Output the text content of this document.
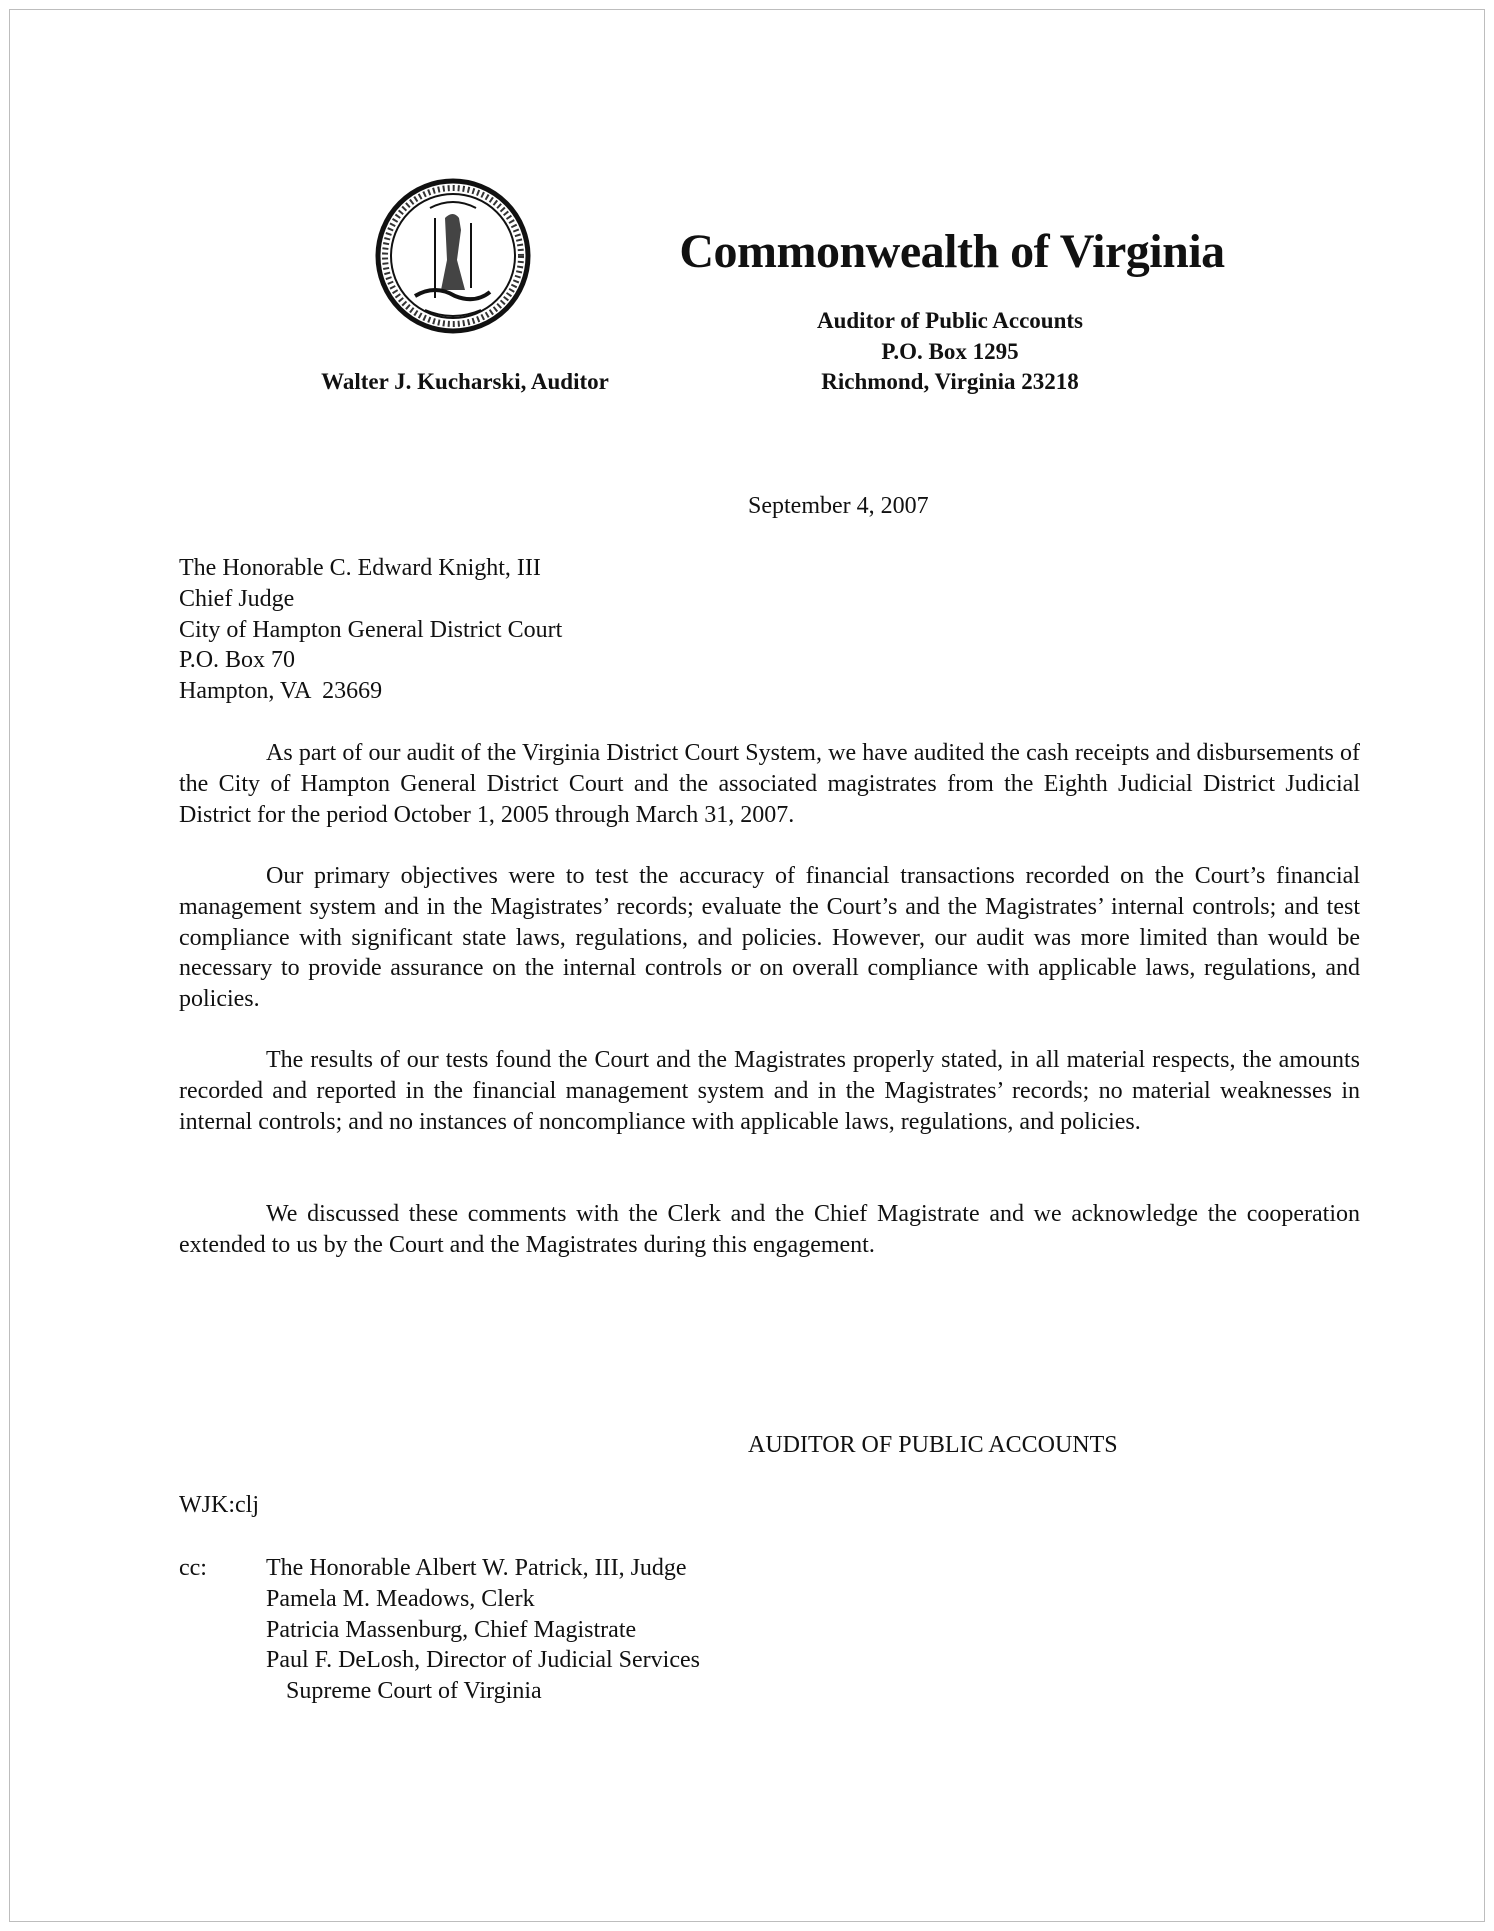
Commonwealth of Virginia
Auditor of Public Accounts
P.O. Box 1295
Richmond, Virginia 23218
Walter J. Kucharski, Auditor
September 4, 2007
The Honorable C. Edward Knight, III
Chief Judge
City of Hampton General District Court
P.O. Box 70
Hampton, VA  23669

As part of our audit of the Virginia District Court System, we have audited the cash receipts and disbursements of the City of Hampton General District Court and the associated magistrates from the Eighth Judicial District Judicial District for the period October 1, 2005 through March 31, 2007.

Our primary objectives were to test the accuracy of financial transactions recorded on the Court’s financial management system and in the Magistrates’ records; evaluate the Court’s and the Magistrates’ internal controls; and test compliance with significant state laws, regulations, and policies. However, our audit was more limited than would be necessary to provide assurance on the internal controls or on overall compliance with applicable laws, regulations, and policies.

The results of our tests found the Court and the Magistrates properly stated, in all material respects, the amounts recorded and reported in the financial management system and in the Magistrates’ records; no material weaknesses in internal controls; and no instances of noncompliance with applicable laws, regulations, and policies.

We discussed these comments with the Clerk and the Chief Magistrate and we acknowledge the cooperation extended to us by the Court and the Magistrates during this engagement.

AUDITOR OF PUBLIC ACCOUNTS
WJK:clj
cc: The Honorable Albert W. Patrick, III, Judge
Pamela M. Meadows, Clerk
Patricia Massenburg, Chief Magistrate
Paul F. DeLosh, Director of Judicial Services
Supreme Court of Virginia
